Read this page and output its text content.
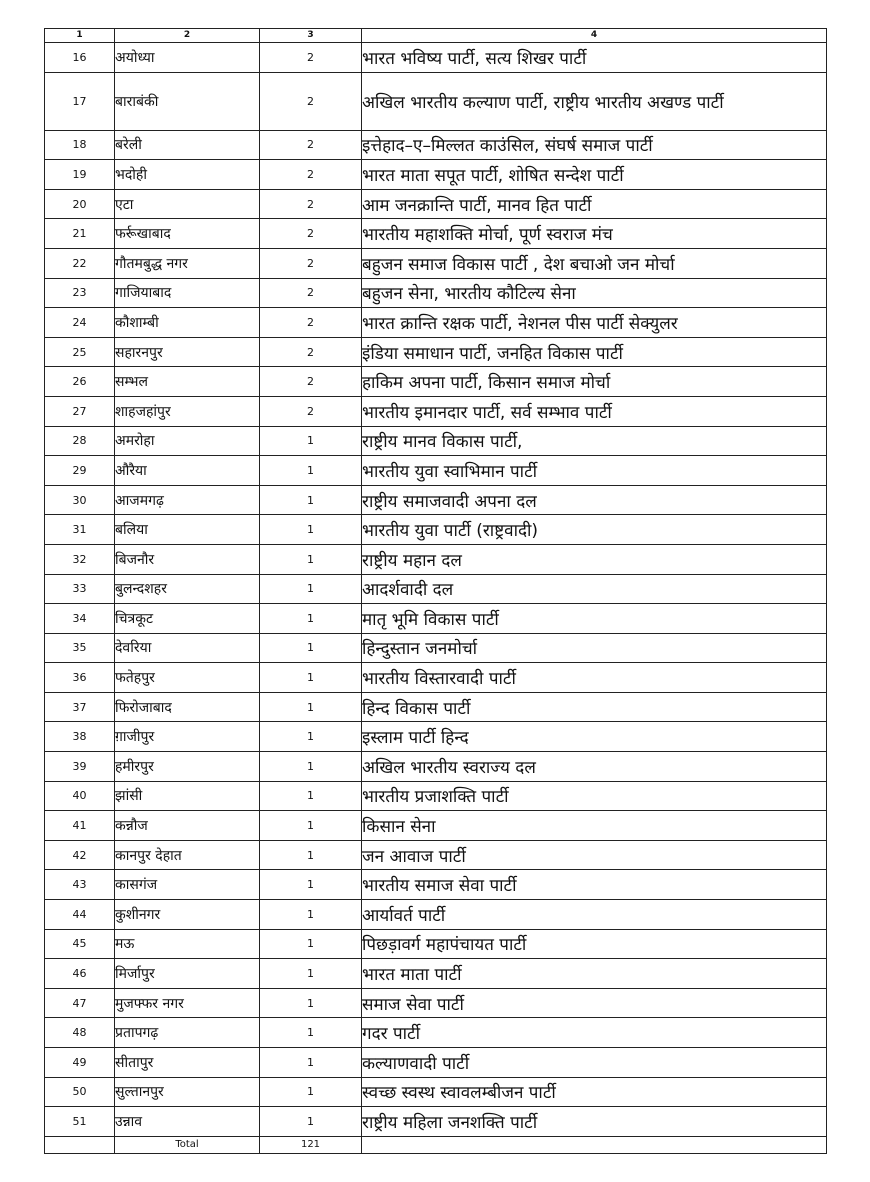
1	2	3	4
16	अयोध्या	2	भारत भविष्य पार्टी, सत्य शिखर पार्टी
17	बाराबंकी	2	अखिल भारतीय कल्याण पार्टी, राष्ट्रीय भारतीय अखण्ड पार्टी
18	बरेली	2	इत्तेहाद–ए–मिल्लत काउंसिल, संघर्ष समाज पार्टी
19	भदोही	2	भारत माता सपूत पार्टी, शोषित सन्देश पार्टी
20	एटा	2	आम जनक्रान्ति पार्टी, मानव हित पार्टी
21	फर्रूखाबाद	2	भारतीय महाशक्ति मोर्चा, पूर्ण स्वराज मंच
22	गौतमबुद्ध नगर	2	बहुजन समाज विकास पार्टी , देश बचाओ जन मोर्चा
23	गाजियाबाद	2	बहुजन सेना, भारतीय कौटिल्य सेना
24	कौशाम्बी	2	भारत क्रान्ति रक्षक पार्टी, नेशनल पीस पार्टी सेक्युलर
25	सहारनपुर	2	इंडिया समाधान पार्टी, जनहित विकास पार्टी
26	सम्भल	2	हाकिम अपना पार्टी, किसान समाज मोर्चा
27	शाहजहांपुर	2	भारतीय इमानदार पार्टी, सर्व सम्भाव पार्टी
28	अमरोहा	1	राष्ट्रीय मानव विकास पार्टी,
29	औरैया	1	भारतीय युवा स्वाभिमान पार्टी
30	आजमगढ़	1	राष्ट्रीय समाजवादी अपना दल
31	बलिया	1	भारतीय युवा पार्टी (राष्ट्रवादी)
32	बिजनौर	1	राष्ट्रीय महान दल
33	बुलन्दशहर	1	आदर्शवादी दल
34	चित्रकूट	1	मातृ भूमि विकास पार्टी
35	देवरिया	1	हिन्दुस्तान जनमोर्चा
36	फतेहपुर	1	भारतीय विस्तारवादी पार्टी
37	फिरोजाबाद	1	हिन्द विकास पार्टी
38	ग़ाजीपुर	1	इस्लाम पार्टी हिन्द
39	हमीरपुर	1	अखिल भारतीय स्वराज्य दल
40	झांसी	1	भारतीय प्रजाशक्ति पार्टी
41	कन्नौज	1	किसान सेना
42	कानपुर देहात	1	जन आवाज पार्टी
43	कासगंज	1	भारतीय समाज सेवा पार्टी
44	कुशीनगर	1	आर्यावर्त पार्टी
45	मऊ	1	पिछड़ावर्ग महापंचायत पार्टी
46	मिर्जापुर	1	भारत माता पार्टी
47	मुजफ्फर नगर	1	समाज सेवा पार्टी
48	प्रतापगढ़	1	गदर पार्टी
49	सीतापुर	1	कल्याणवादी पार्टी
50	सुल्तानपुर	1	स्वच्छ स्वस्थ स्वावलम्बीजन पार्टी
51	उन्नाव	1	राष्ट्रीय महिला जनशक्ति पार्टी
	Total	121	
